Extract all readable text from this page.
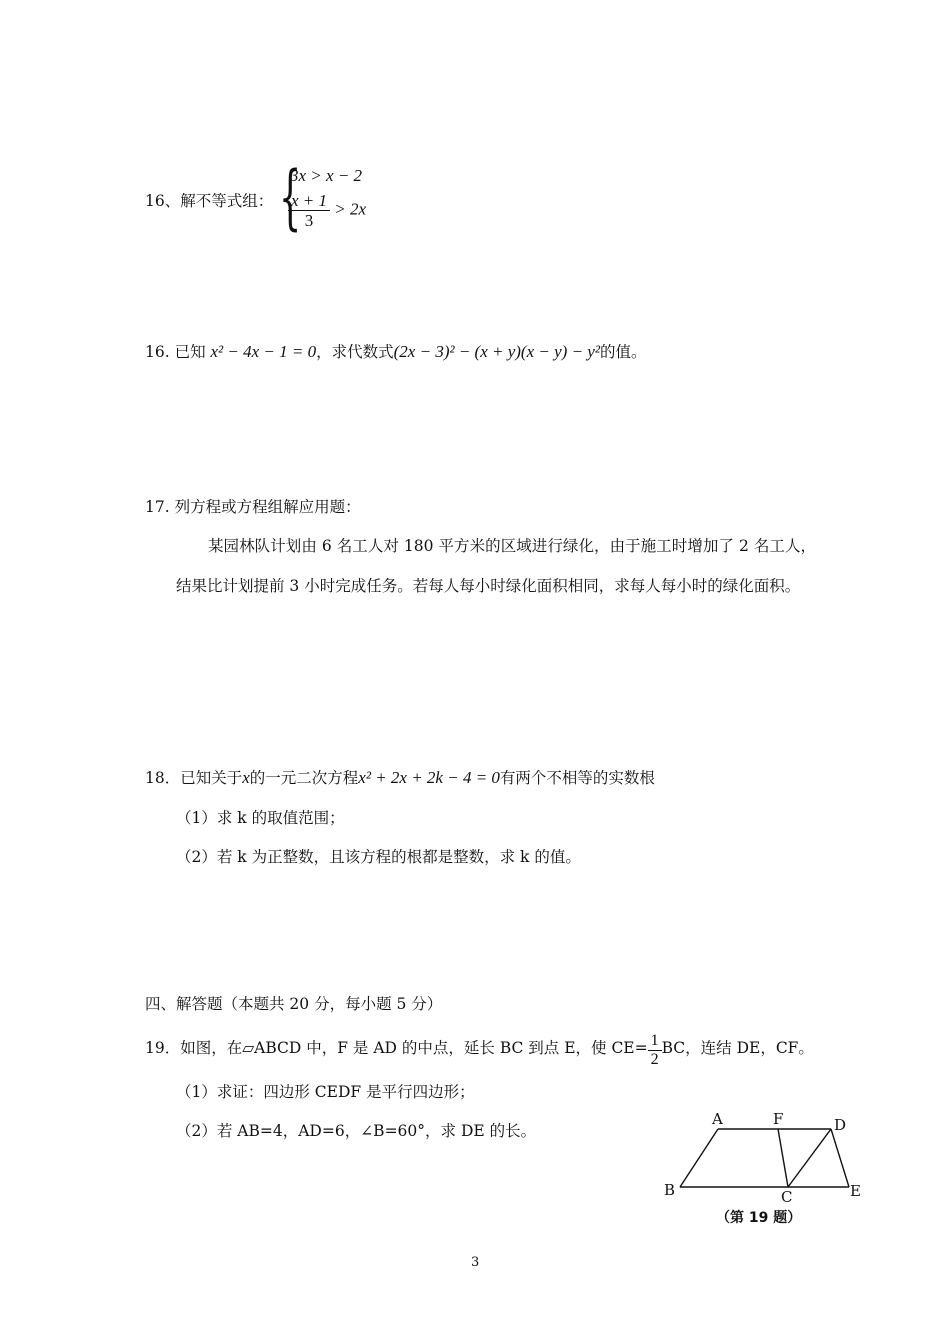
16、解不等式组： {
3x > x − 2
$\frac{x + 1}{3} > 2x$
16. 已知 x² − 4x − 1 = 0，求代数式(2x − 3)² − (x + y)(x − y) − y²的值。
17. 列方程或方程组解应用题：
某园林队计划由 6 名工人对 180 平方米的区域进行绿化，由于施工时增加了 2 名工人，结果比计划提前 3 小时完成任务。若每人每小时绿化面积相同，求每人每小时的绿化面积。
18．已知关于x的一元二次方程x² + 2x + 2k − 4 = 0有两个不相等的实数根
（1）求 k 的取值范围；
（2）若 k 为正整数，且该方程的根都是整数，求 k 的值。
四、解答题（本题共 20 分，每小题 5 分）
19．如图，在▱ABCD 中，F 是 AD 的中点，延长 BC 到点 E，使 $CE= \frac{1}{2}$ BC，连结 DE，CF。
（1）求证：四边形 CEDF 是平行四边形；
（2）若 AB=4，AD=6，∠B=60°，求 DE 的长。
A	F	D
B	C	E
（第 19 题）
3
